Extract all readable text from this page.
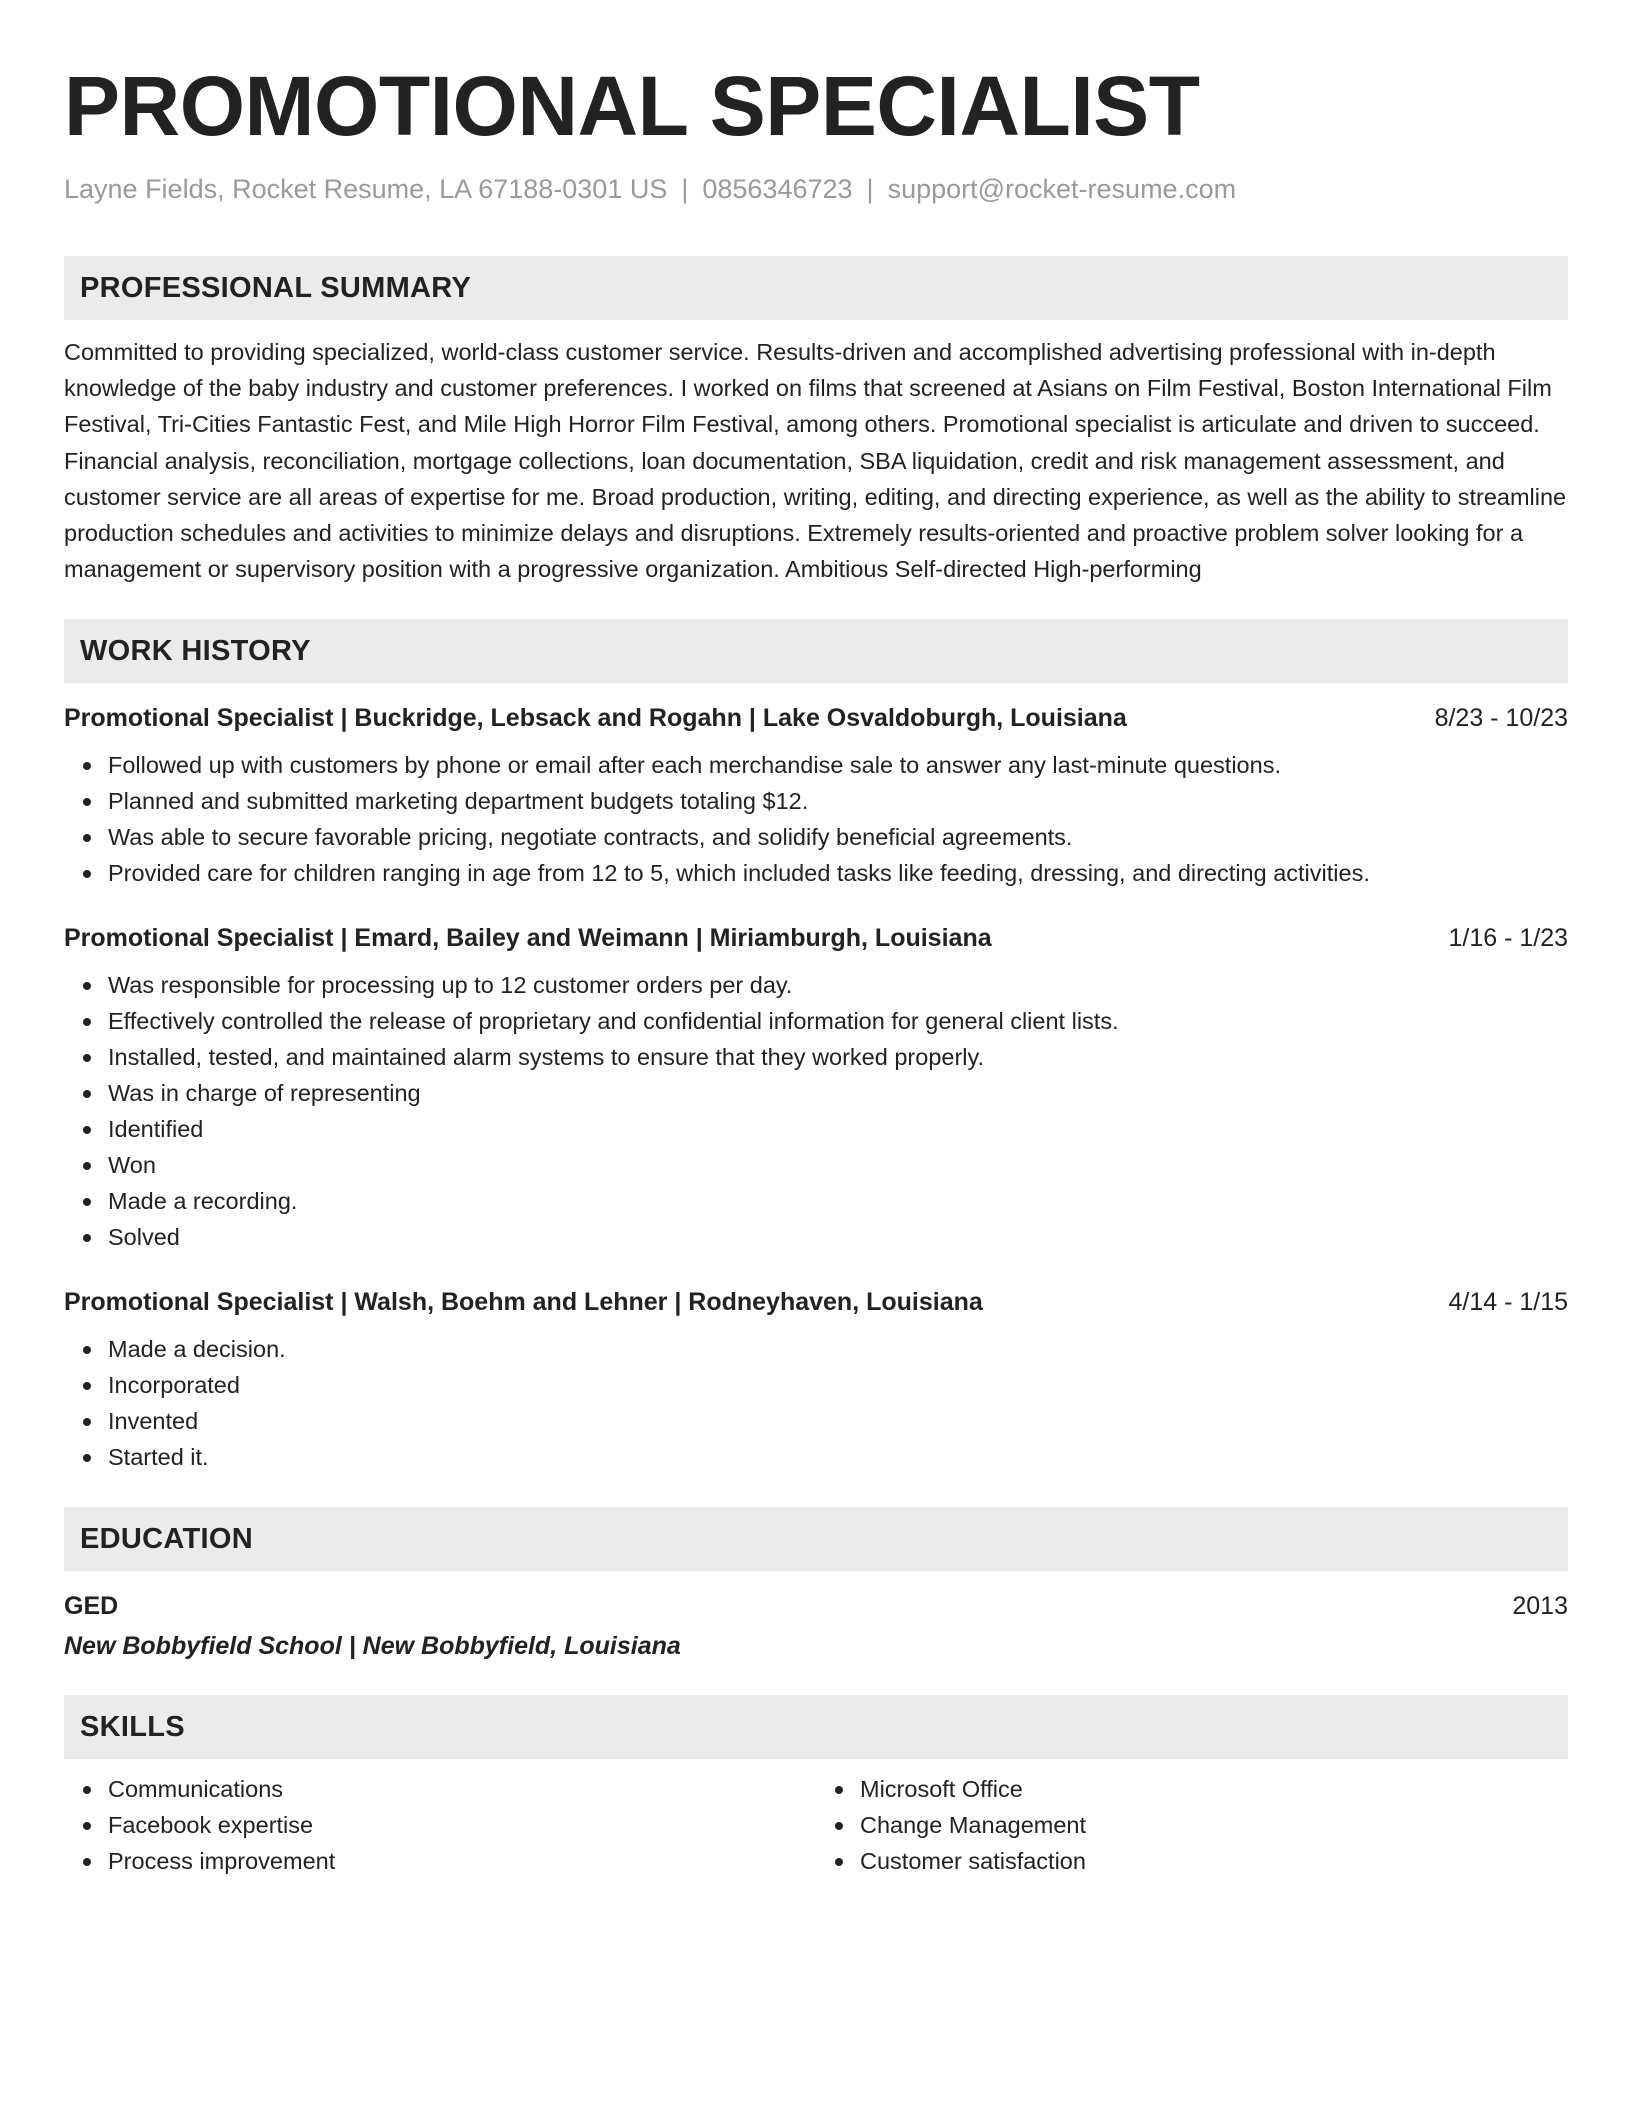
PROMOTIONAL SPECIALIST
Layne Fields, Rocket Resume, LA 67188-0301 US | 0856346723 | support@rocket-resume.com
PROFESSIONAL SUMMARY

Committed to providing specialized, world-class customer service. Results-driven and accomplished advertising professional with in-depth knowledge of the baby industry and customer preferences. I worked on films that screened at Asians on Film Festival, Boston International Film Festival, Tri-Cities Fantastic Fest, and Mile High Horror Film Festival, among others. Promotional specialist is articulate and driven to succeed. Financial analysis, reconciliation, mortgage collections, loan documentation, SBA liquidation, credit and risk management assessment, and customer service are all areas of expertise for me. Broad production, writing, editing, and directing experience, as well as the ability to streamline production schedules and activities to minimize delays and disruptions. Extremely results-oriented and proactive problem solver looking for a management or supervisory position with a progressive organization. Ambitious Self-directed High-performing

WORK HISTORY
Promotional Specialist | Buckridge, Lebsack and Rogahn | Lake Osvaldoburgh, Louisiana	8/23 - 10/23
Followed up with customers by phone or email after each merchandise sale to answer any last-minute questions.
Planned and submitted marketing department budgets totaling $12.
Was able to secure favorable pricing, negotiate contracts, and solidify beneficial agreements.
Provided care for children ranging in age from 12 to 5, which included tasks like feeding, dressing, and directing activities.
Promotional Specialist | Emard, Bailey and Weimann | Miriamburgh, Louisiana	1/16 - 1/23
Was responsible for processing up to 12 customer orders per day.
Effectively controlled the release of proprietary and confidential information for general client lists.
Installed, tested, and maintained alarm systems to ensure that they worked properly.
Was in charge of representing
Identified
Won
Made a recording.
Solved
Promotional Specialist | Walsh, Boehm and Lehner | Rodneyhaven, Louisiana	4/14 - 1/15
Made a decision.
Incorporated
Invented
Started it.
EDUCATION
GED	2013
New Bobbyfield School | New Bobbyfield, Louisiana
SKILLS
Communications
Facebook expertise
Process improvement
Microsoft Office
Change Management
Customer satisfaction
